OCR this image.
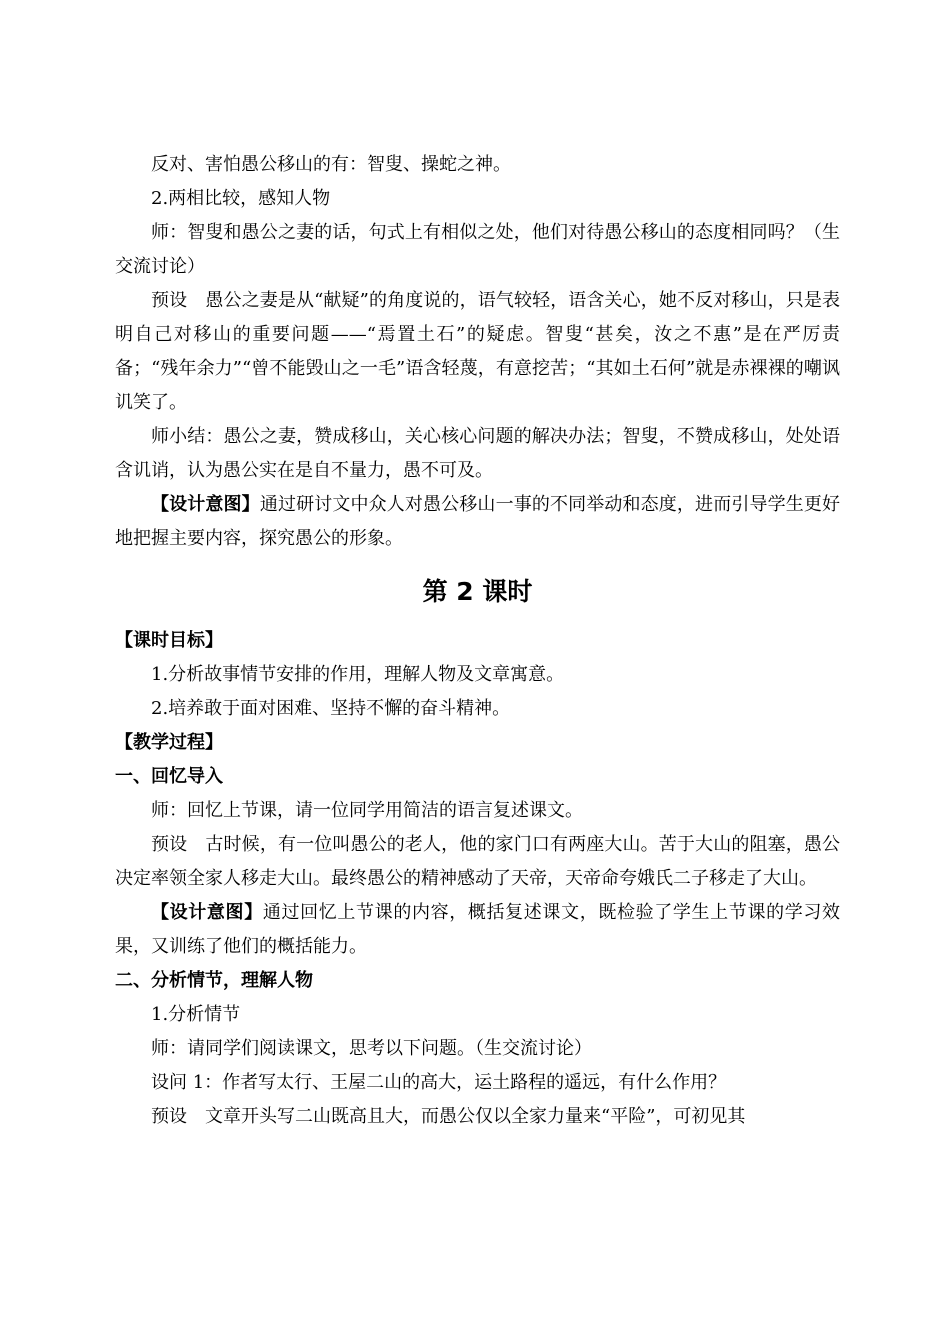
反对、害怕愚公移山的有：智叟、操蛇之神。

2.两相比较，感知人物

师：智叟和愚公之妻的话，句式上有相似之处，他们对待愚公移山的态度相同吗？（生交流讨论）

预设 愚公之妻是从“献疑”的角度说的，语气较轻，语含关心，她不反对移山，只是表明自己对移山的重要问题——“焉置土石”的疑虑。智叟“甚矣，汝之不惠”是在严厉责备；“残年余力”“曾不能毁山之一毛”语含轻蔑，有意挖苦；“其如土石何”就是赤裸裸的嘲讽讥笑了。

师小结：愚公之妻，赞成移山，关心核心问题的解决办法；智叟，不赞成移山，处处语含讥诮，认为愚公实在是自不量力，愚不可及。

【设计意图】通过研讨文中众人对愚公移山一事的不同举动和态度，进而引导学生更好地把握主要内容，探究愚公的形象。

第 2 课时

【课时目标】

1.分析故事情节安排的作用，理解人物及文章寓意。

2.培养敢于面对困难、坚持不懈的奋斗精神。

【教学过程】

一、回忆导入

师：回忆上节课，请一位同学用简洁的语言复述课文。

预设 古时候，有一位叫愚公的老人，他的家门口有两座大山。苦于大山的阻塞，愚公决定率领全家人移走大山。最终愚公的精神感动了天帝，天帝命夸娥氏二子移走了大山。

【设计意图】通过回忆上节课的内容，概括复述课文，既检验了学生上节课的学习效果，又训练了他们的概括能力。

二、分析情节，理解人物

1.分析情节

师：请同学们阅读课文，思考以下问题。（生交流讨论）

设问 1：作者写太行、王屋二山的高大，运土路程的遥远，有什么作用？

预设 文章开头写二山既高且大，而愚公仅以全家力量来“平险”，可初见其
